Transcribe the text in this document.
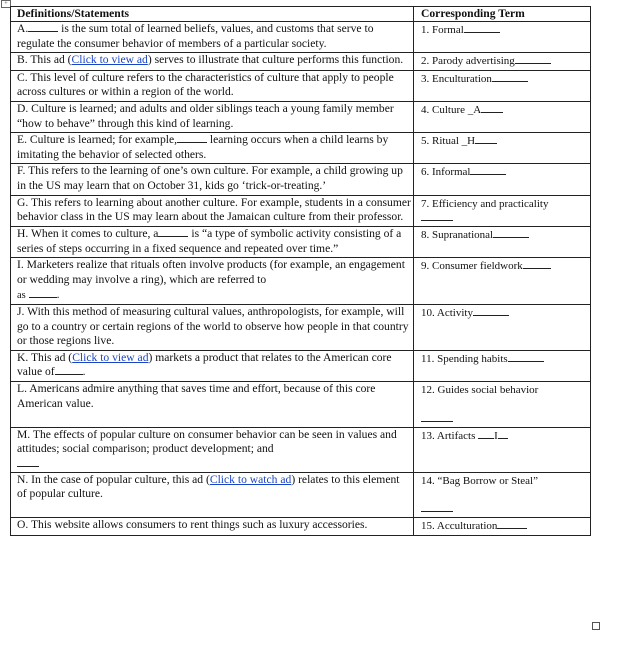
+
Definitions/Statements	Corresponding Term
A. is the sum total of learned beliefs, values, and customs that serve to regulate the consumer behavior of members of a particular society.	1. Formal
B. This ad (Click to view ad) serves to illustrate that culture performs this function.	2. Parody advertising
C. This level of culture refers to the characteristics of culture that apply to people across cultures or within a region of the world.	3. Enculturation
D. Culture is learned; and adults and older siblings teach a young family member “how to behave” through this kind of learning.	4. Culture _A
E. Culture is learned; for example, learning occurs when a child learns by imitating the behavior of selected others.	5. Ritual _H
F. This refers to the learning of one’s own culture. For example, a child growing up in the US may learn that on October 31, kids go ‘trick-or-treating.’	6. Informal
G. This refers to learning about another culture. For example, students in a consumer behavior class in the US may learn about the Jamaican culture from their professor.	7. Efficiency and practicality

H. When it comes to culture, a is “a type of symbolic activity consisting of a series of steps occurring in a fixed sequence and repeated over time.”	8. Supranational
I. Marketers realize that rituals often involve products (for example, an engagement or wedding may involve a ring), which are referred to
as .	9. Consumer fieldwork
J. With this method of measuring cultural values, anthropologists, for example, will go to a country or certain regions of the world to observe how people in that country or those regions live.	10. Activity
K. This ad (Click to view ad) markets a product that relates to the American core value of .	11. Spending habits

L. Americans admire anything that saves time and effort, because of this core American value.	12. Guides social behavior

M. The effects of popular culture on consumer behavior can be seen in values and attitudes; social comparison; product development; and	13. Artifacts I

N. In the case of popular culture, this ad (Click to watch ad) relates to this element of popular culture.	14. “Bag Borrow or Steal”

O. This website allows consumers to rent things such as luxury accessories.	15. Acculturation
